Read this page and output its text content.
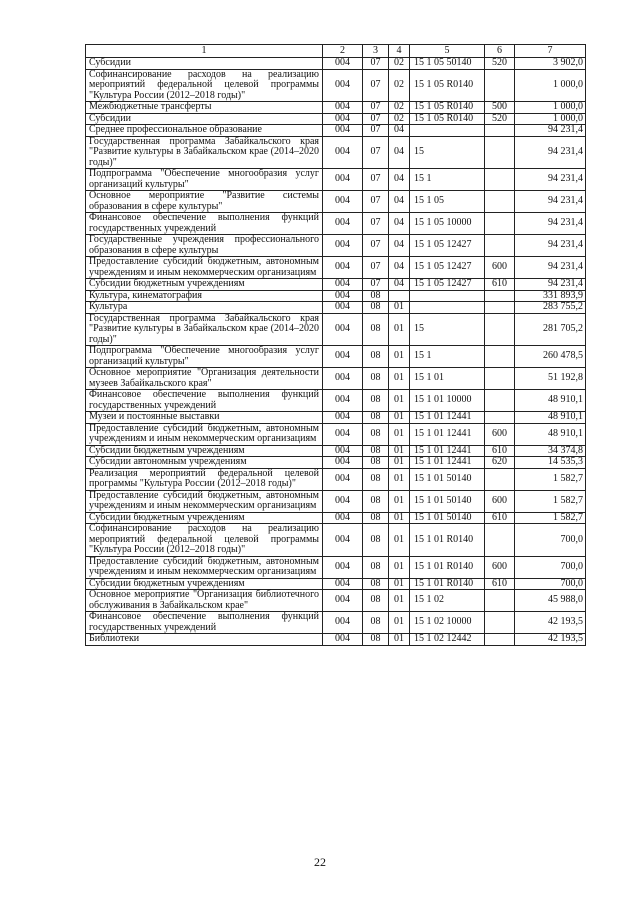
1	2	3	4	5	6	7
Субсидии	004	07	02	15 1 05 50140	520	3 902,0
Софинансирование расходов на реализацию мероприятий федеральной целевой программы "Культура России (2012–2018 годы)"	004	07	02	15 1 05 R0140		1 000,0
Межбюджетные трансферты	004	07	02	15 1 05 R0140	500	1 000,0
Субсидии	004	07	02	15 1 05 R0140	520	1 000,0
Среднее профессиональное образование	004	07	04			94 231,4
Государственная программа Забайкальского края "Развитие культуры в Забайкальском крае (2014–2020 годы)"	004	07	04	15		94 231,4
Подпрограмма "Обеспечение многообразия услуг организаций культуры"	004	07	04	15 1		94 231,4
Основное мероприятие "Развитие системы образования в сфере культуры"	004	07	04	15 1 05		94 231,4
Финансовое обеспечение выполнения функций государственных учреждений	004	07	04	15 1 05 10000		94 231,4
Государственные учреждения профессионального образования в сфере культуры	004	07	04	15 1 05 12427		94 231,4
Предоставление субсидий бюджетным, автономным учреждениям и иным некоммерческим организациям	004	07	04	15 1 05 12427	600	94 231,4
Субсидии бюджетным учреждениям	004	07	04	15 1 05 12427	610	94 231,4
Культура, кинематография	004	08				331 893,9
Культура	004	08	01			283 755,2
Государственная программа Забайкальского края "Развитие культуры в Забайкальском крае (2014–2020 годы)"	004	08	01	15		281 705,2
Подпрограмма "Обеспечение многообразия услуг организаций культуры"	004	08	01	15 1		260 478,5
Основное мероприятие "Организация деятельности музеев Забайкальского края"	004	08	01	15 1 01		51 192,8
Финансовое обеспечение выполнения функций государственных учреждений	004	08	01	15 1 01 10000		48 910,1
Музеи и постоянные выставки	004	08	01	15 1 01 12441		48 910,1
Предоставление субсидий бюджетным, автономным учреждениям и иным некоммерческим организациям	004	08	01	15 1 01 12441	600	48 910,1
Субсидии бюджетным учреждениям	004	08	01	15 1 01 12441	610	34 374,8
Субсидии автономным учреждениям	004	08	01	15 1 01 12441	620	14 535,3
Реализация мероприятий федеральной целевой программы "Культура России (2012–2018 годы)"	004	08	01	15 1 01 50140		1 582,7
Предоставление субсидий бюджетным, автономным учреждениям и иным некоммерческим организациям	004	08	01	15 1 01 50140	600	1 582,7
Субсидии бюджетным учреждениям	004	08	01	15 1 01 50140	610	1 582,7
Софинансирование расходов на реализацию мероприятий федеральной целевой программы "Культура России (2012–2018 годы)"	004	08	01	15 1 01 R0140		700,0
Предоставление субсидий бюджетным, автономным учреждениям и иным некоммерческим организациям	004	08	01	15 1 01 R0140	600	700,0
Субсидии бюджетным учреждениям	004	08	01	15 1 01 R0140	610	700,0
Основное мероприятие "Организация библиотечного обслуживания в Забайкальском крае"	004	08	01	15 1 02		45 988,0
Финансовое обеспечение выполнения функций государственных учреждений	004	08	01	15 1 02 10000		42 193,5
Библиотеки	004	08	01	15 1 02 12442		42 193,5
22
